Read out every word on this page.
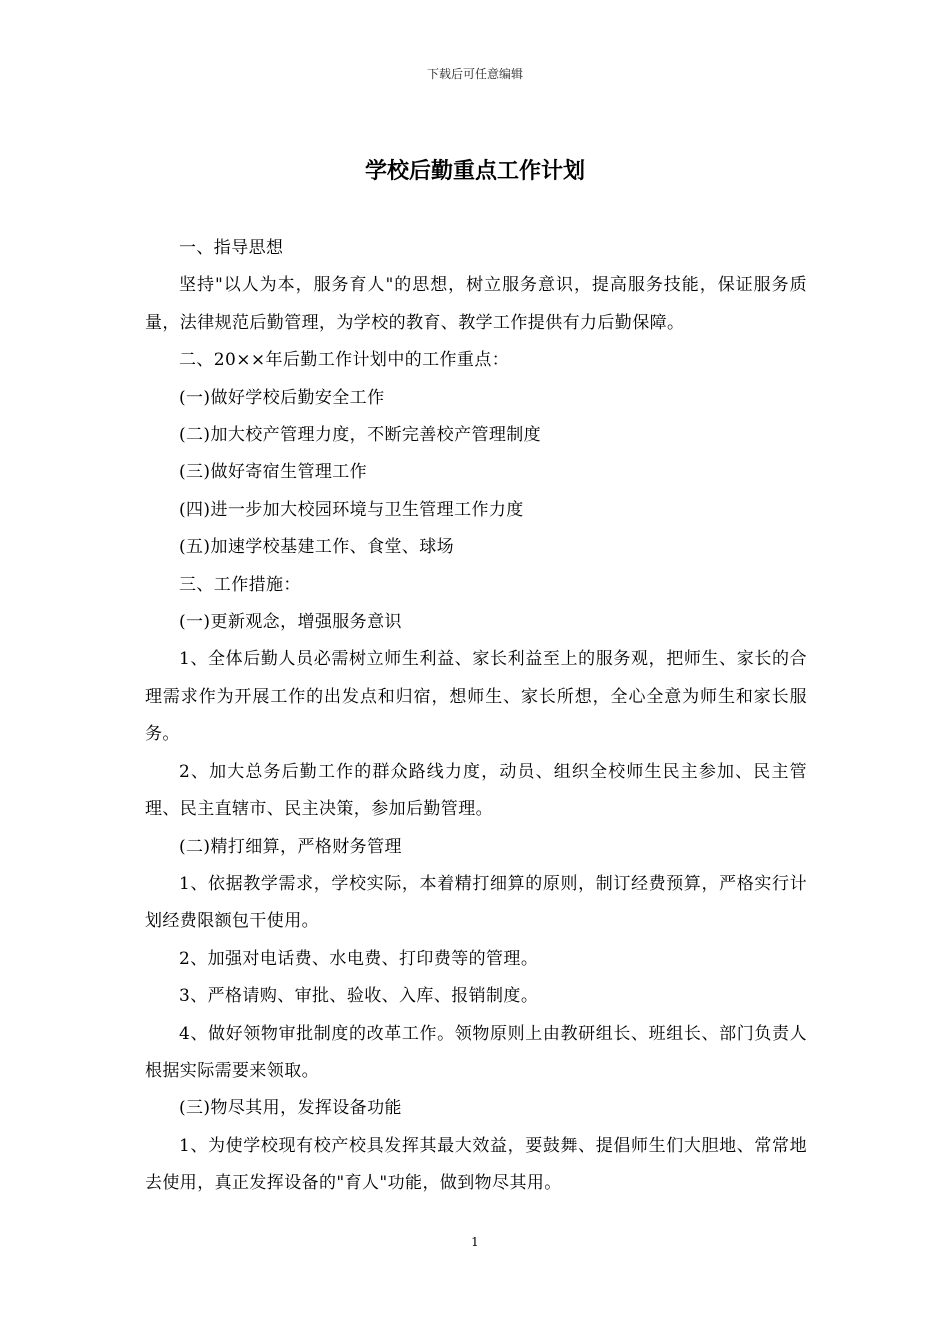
下载后可任意编辑
学校后勤重点工作计划

一、指导思想

坚持"以人为本，服务育人"的思想，树立服务意识，提高服务技能，保证服务质量，法律规范后勤管理，为学校的教育、教学工作提供有力后勤保障。

二、20××年后勤工作计划中的工作重点：

(一)做好学校后勤安全工作

(二)加大校产管理力度，不断完善校产管理制度

(三)做好寄宿生管理工作

(四)进一步加大校园环境与卫生管理工作力度

(五)加速学校基建工作、食堂、球场

三、工作措施：

(一)更新观念，增强服务意识

1、全体后勤人员必需树立师生利益、家长利益至上的服务观，把师生、家长的合理需求作为开展工作的出发点和归宿，想师生、家长所想，全心全意为师生和家长服务。

2、加大总务后勤工作的群众路线力度，动员、组织全校师生民主参加、民主管理、民主直辖市、民主决策，参加后勤管理。

(二)精打细算，严格财务管理

1、依据教学需求，学校实际，本着精打细算的原则，制订经费预算，严格实行计划经费限额包干使用。

2、加强对电话费、水电费、打印费等的管理。

3、严格请购、审批、验收、入库、报销制度。

4、做好领物审批制度的改革工作。领物原则上由教研组长、班组长、部门负责人根据实际需要来领取。

(三)物尽其用，发挥设备功能

1、为使学校现有校产校具发挥其最大效益，要鼓舞、提倡师生们大胆地、常常地去使用，真正发挥设备的"育人"功能，做到物尽其用。

1
